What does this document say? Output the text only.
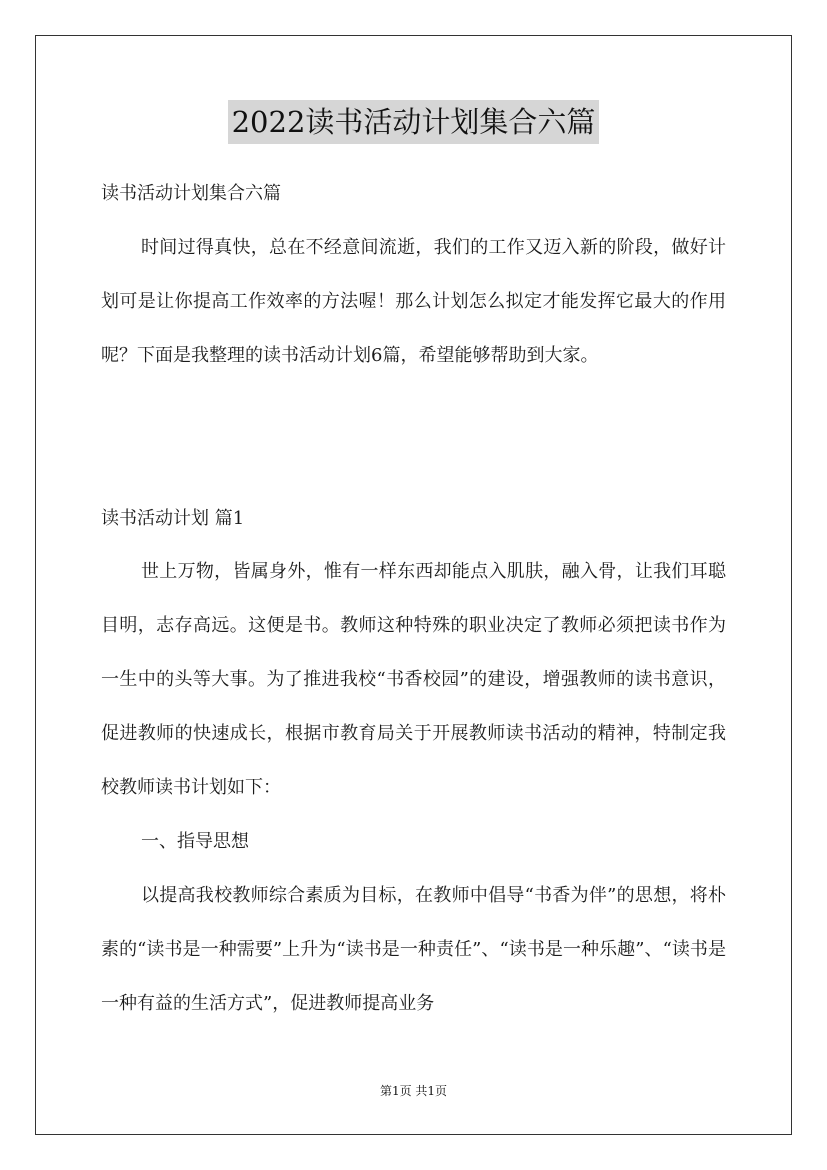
2022读书活动计划集合六篇
读书活动计划集合六篇

时间过得真快，总在不经意间流逝，我们的工作又迈入新的阶段，做好计划可是让你提高工作效率的方法喔！那么计划怎么拟定才能发挥它最大的作用呢？下面是我整理的读书活动计划6篇，希望能够帮助到大家。

读书活动计划 篇1

世上万物，皆属身外，惟有一样东西却能点入肌肤，融入骨，让我们耳聪目明，志存高远。这便是书。教师这种特殊的职业决定了教师必须把读书作为一生中的头等大事。为了推进我校“书香校园”的建设，增强教师的读书意识，促进教师的快速成长，根据市教育局关于开展教师读书活动的精神，特制定我校教师读书计划如下：

一、指导思想

以提高我校教师综合素质为目标，在教师中倡导“书香为伴”的思想，将朴素的“读书是一种需要”上升为“读书是一种责任”、“读书是一种乐趣”、“读书是一种有益的生活方式”，促进教师提高业务

第1页 共1页
